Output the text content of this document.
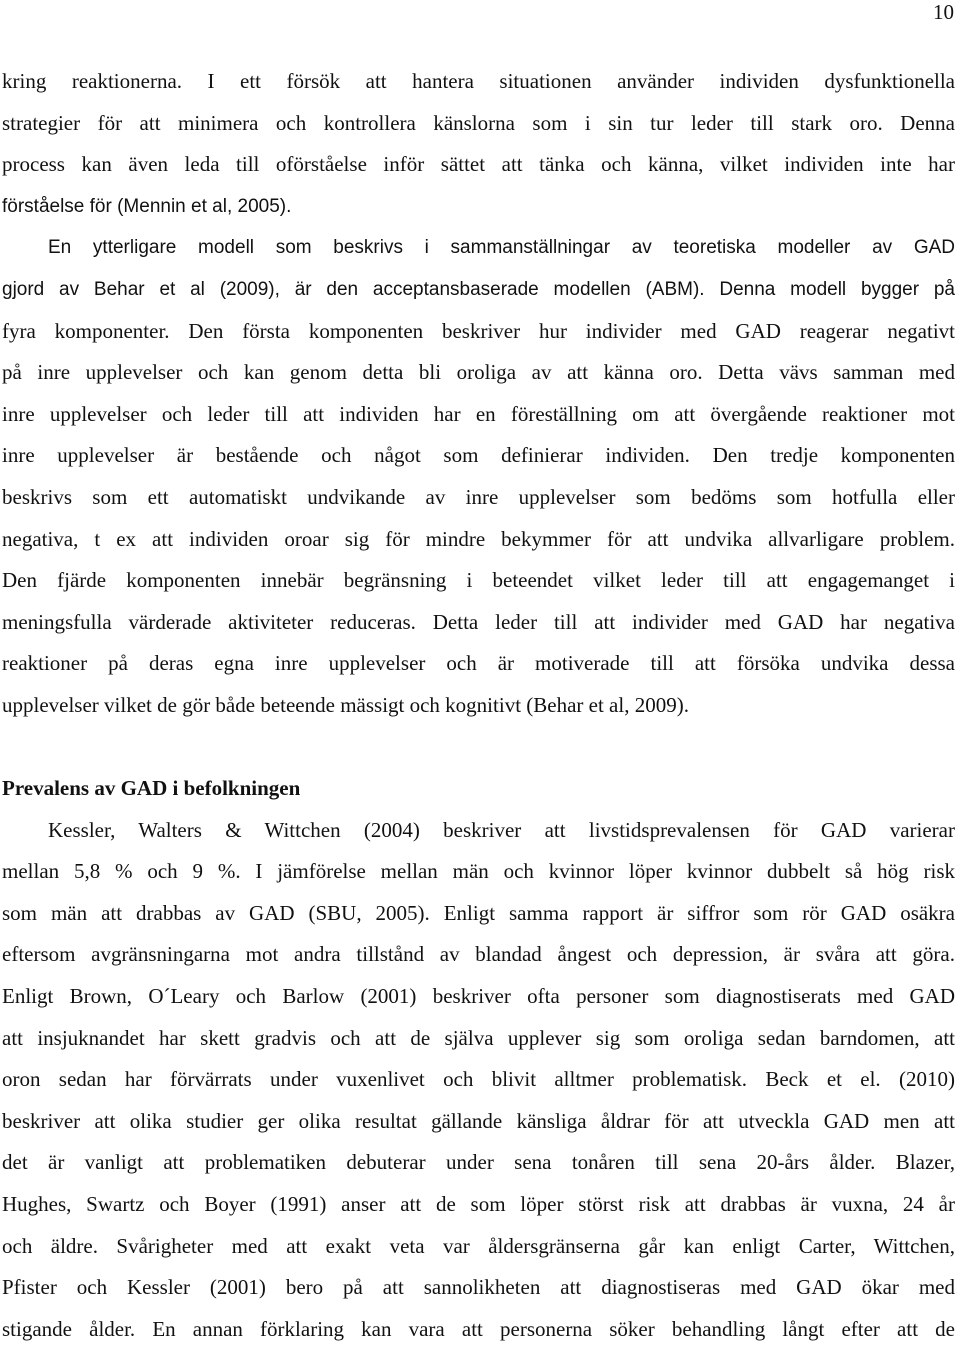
10
kring reaktionerna. I ett försök att hantera situationen använder individen dysfunktionella
strategier för att minimera och kontrollera känslorna som i sin tur leder till stark oro. Denna
process kan även leda till oförståelse inför sättet att tänka och känna, vilket individen inte har
förståelse för (Mennin et al, 2005).
En ytterligare modell som beskrivs i sammanställningar av teoretiska modeller av GAD
gjord av Behar et al (2009), är den acceptansbaserade modellen (ABM). Denna modell bygger på
fyra komponenter. Den första komponenten beskriver hur individer med GAD reagerar negativt
på inre upplevelser och kan genom detta bli oroliga av att känna oro. Detta vävs samman med
inre upplevelser och leder till att individen har en föreställning om att övergående reaktioner mot
inre upplevelser är bestående och något som definierar individen. Den tredje komponenten
beskrivs som ett automatiskt undvikande av inre upplevelser som bedöms som hotfulla eller
negativa, t ex att individen oroar sig för mindre bekymmer för att undvika allvarligare problem.
Den fjärde komponenten innebär begränsning i beteendet vilket leder till att engagemanget i
meningsfulla värderade aktiviteter reduceras. Detta leder till att individer med GAD har negativa
reaktioner på deras egna inre upplevelser och är motiverade till att försöka undvika dessa
upplevelser vilket de gör både beteende mässigt och kognitivt (Behar et al, 2009).
Prevalens av GAD i befolkningen
Kessler, Walters & Wittchen (2004) beskriver att livstidsprevalensen för GAD varierar
mellan 5,8 % och 9 %. I jämförelse mellan män och kvinnor löper kvinnor dubbelt så hög risk
som män att drabbas av GAD (SBU, 2005). Enligt samma rapport är siffror som rör GAD osäkra
eftersom avgränsningarna mot andra tillstånd av blandad ångest och depression, är svåra att göra.
Enligt Brown, O´Leary och Barlow (2001) beskriver ofta personer som diagnostiserats med GAD
att insjuknandet har skett gradvis och att de själva upplever sig som oroliga sedan barndomen, att
oron sedan har förvärrats under vuxenlivet och blivit alltmer problematisk. Beck et el. (2010)
beskriver att olika studier ger olika resultat gällande känsliga åldrar för att utveckla GAD men att
det är vanligt att problematiken debuterar under sena tonåren till sena 20-års ålder. Blazer,
Hughes, Swartz och Boyer (1991) anser att de som löper störst risk att drabbas är vuxna, 24 år
och äldre. Svårigheter med att exakt veta var åldersgränserna går kan enligt Carter, Wittchen,
Pfister och Kessler (2001) bero på att sannolikheten att diagnostiseras med GAD ökar med
stigande ålder. En annan förklaring kan vara att personerna söker behandling långt efter att de
